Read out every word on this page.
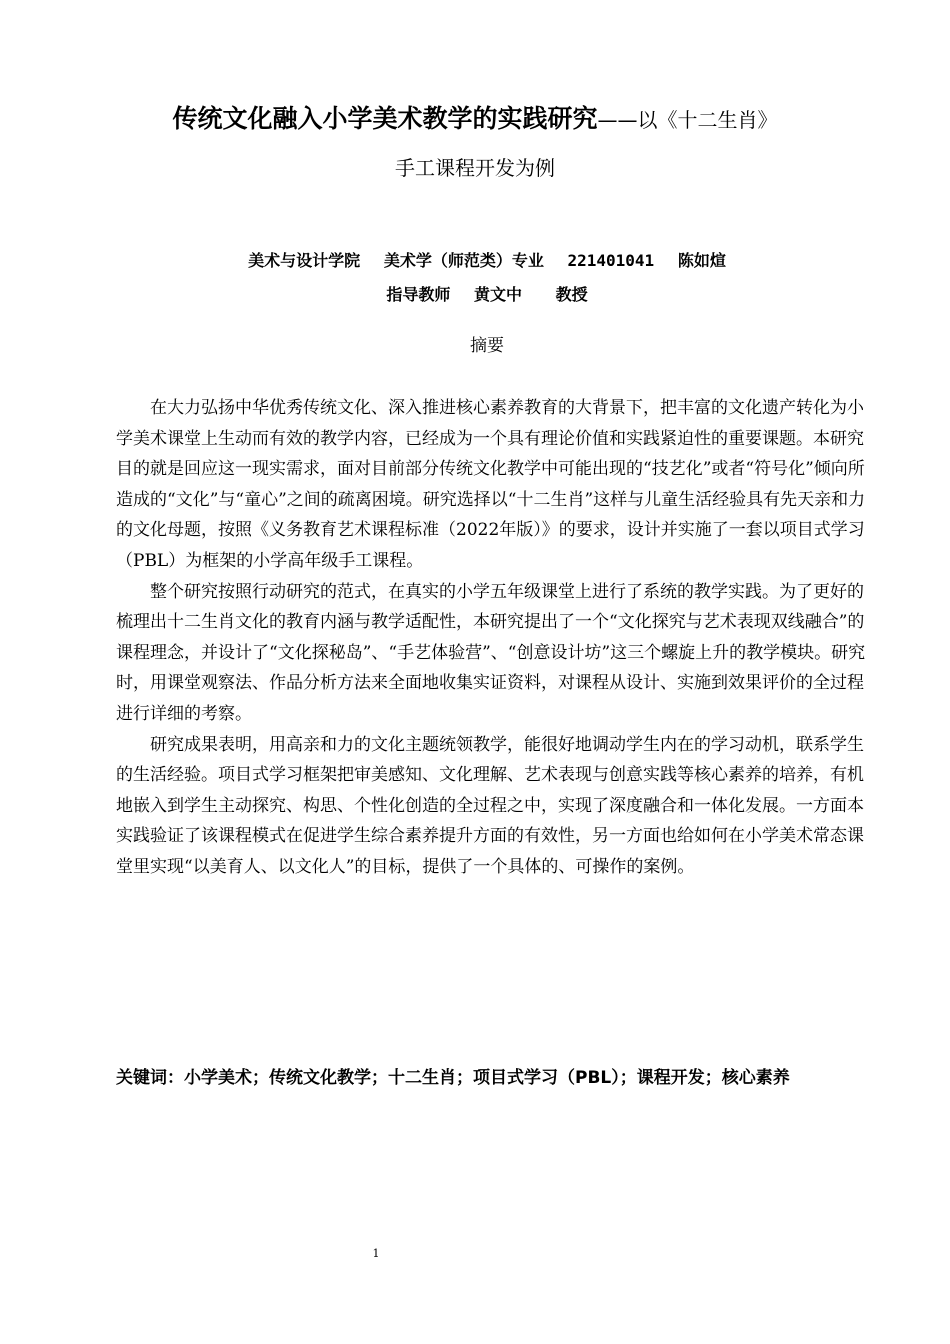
传统文化融入小学美术教学的实践研究——以《十二生肖》
手工课程开发为例
美术与设计学院 美术学（师范类）专业 221401041 陈如煊
指导教师 黄文中 教授
摘要

在大力弘扬中华优秀传统文化、深入推进核心素养教育的大背景下，把丰富的文化遗产转化为小学美术课堂上生动而有效的教学内容，已经成为一个具有理论价值和实践紧迫性的重要课题。本研究目的就是回应这一现实需求，面对目前部分传统文化教学中可能出现的“技艺化”或者“符号化”倾向所造成的“文化”与“童心”之间的疏离困境。研究选择以“十二生肖”这样与儿童生活经验具有先天亲和力的文化母题，按照《义务教育艺术课程标准（2022年版）》的要求，设计并实施了一套以项目式学习（PBL）为框架的小学高年级手工课程。

整个研究按照行动研究的范式，在真实的小学五年级课堂上进行了系统的教学实践。为了更好的梳理出十二生肖文化的教育内涵与教学适配性，本研究提出了一个“文化探究与艺术表现双线融合”的课程理念，并设计了“文化探秘岛”、“手艺体验营”、“创意设计坊”这三个螺旋上升的教学模块。研究时，用课堂观察法、作品分析方法来全面地收集实证资料，对课程从设计、实施到效果评价的全过程进行详细的考察。

研究成果表明，用高亲和力的文化主题统领教学，能很好地调动学生内在的学习动机，联系学生的生活经验。项目式学习框架把审美感知、文化理解、艺术表现与创意实践等核心素养的培养，有机地嵌入到学生主动探究、构思、个性化创造的全过程之中，实现了深度融合和一体化发展。一方面本实践验证了该课程模式在促进学生综合素养提升方面的有效性，另一方面也给如何在小学美术常态课堂里实现“以美育人、以文化人”的目标，提供了一个具体的、可操作的案例。

关键词：小学美术；传统文化教学；十二生肖；项目式学习（PBL）；课程开发；核心素养
1
